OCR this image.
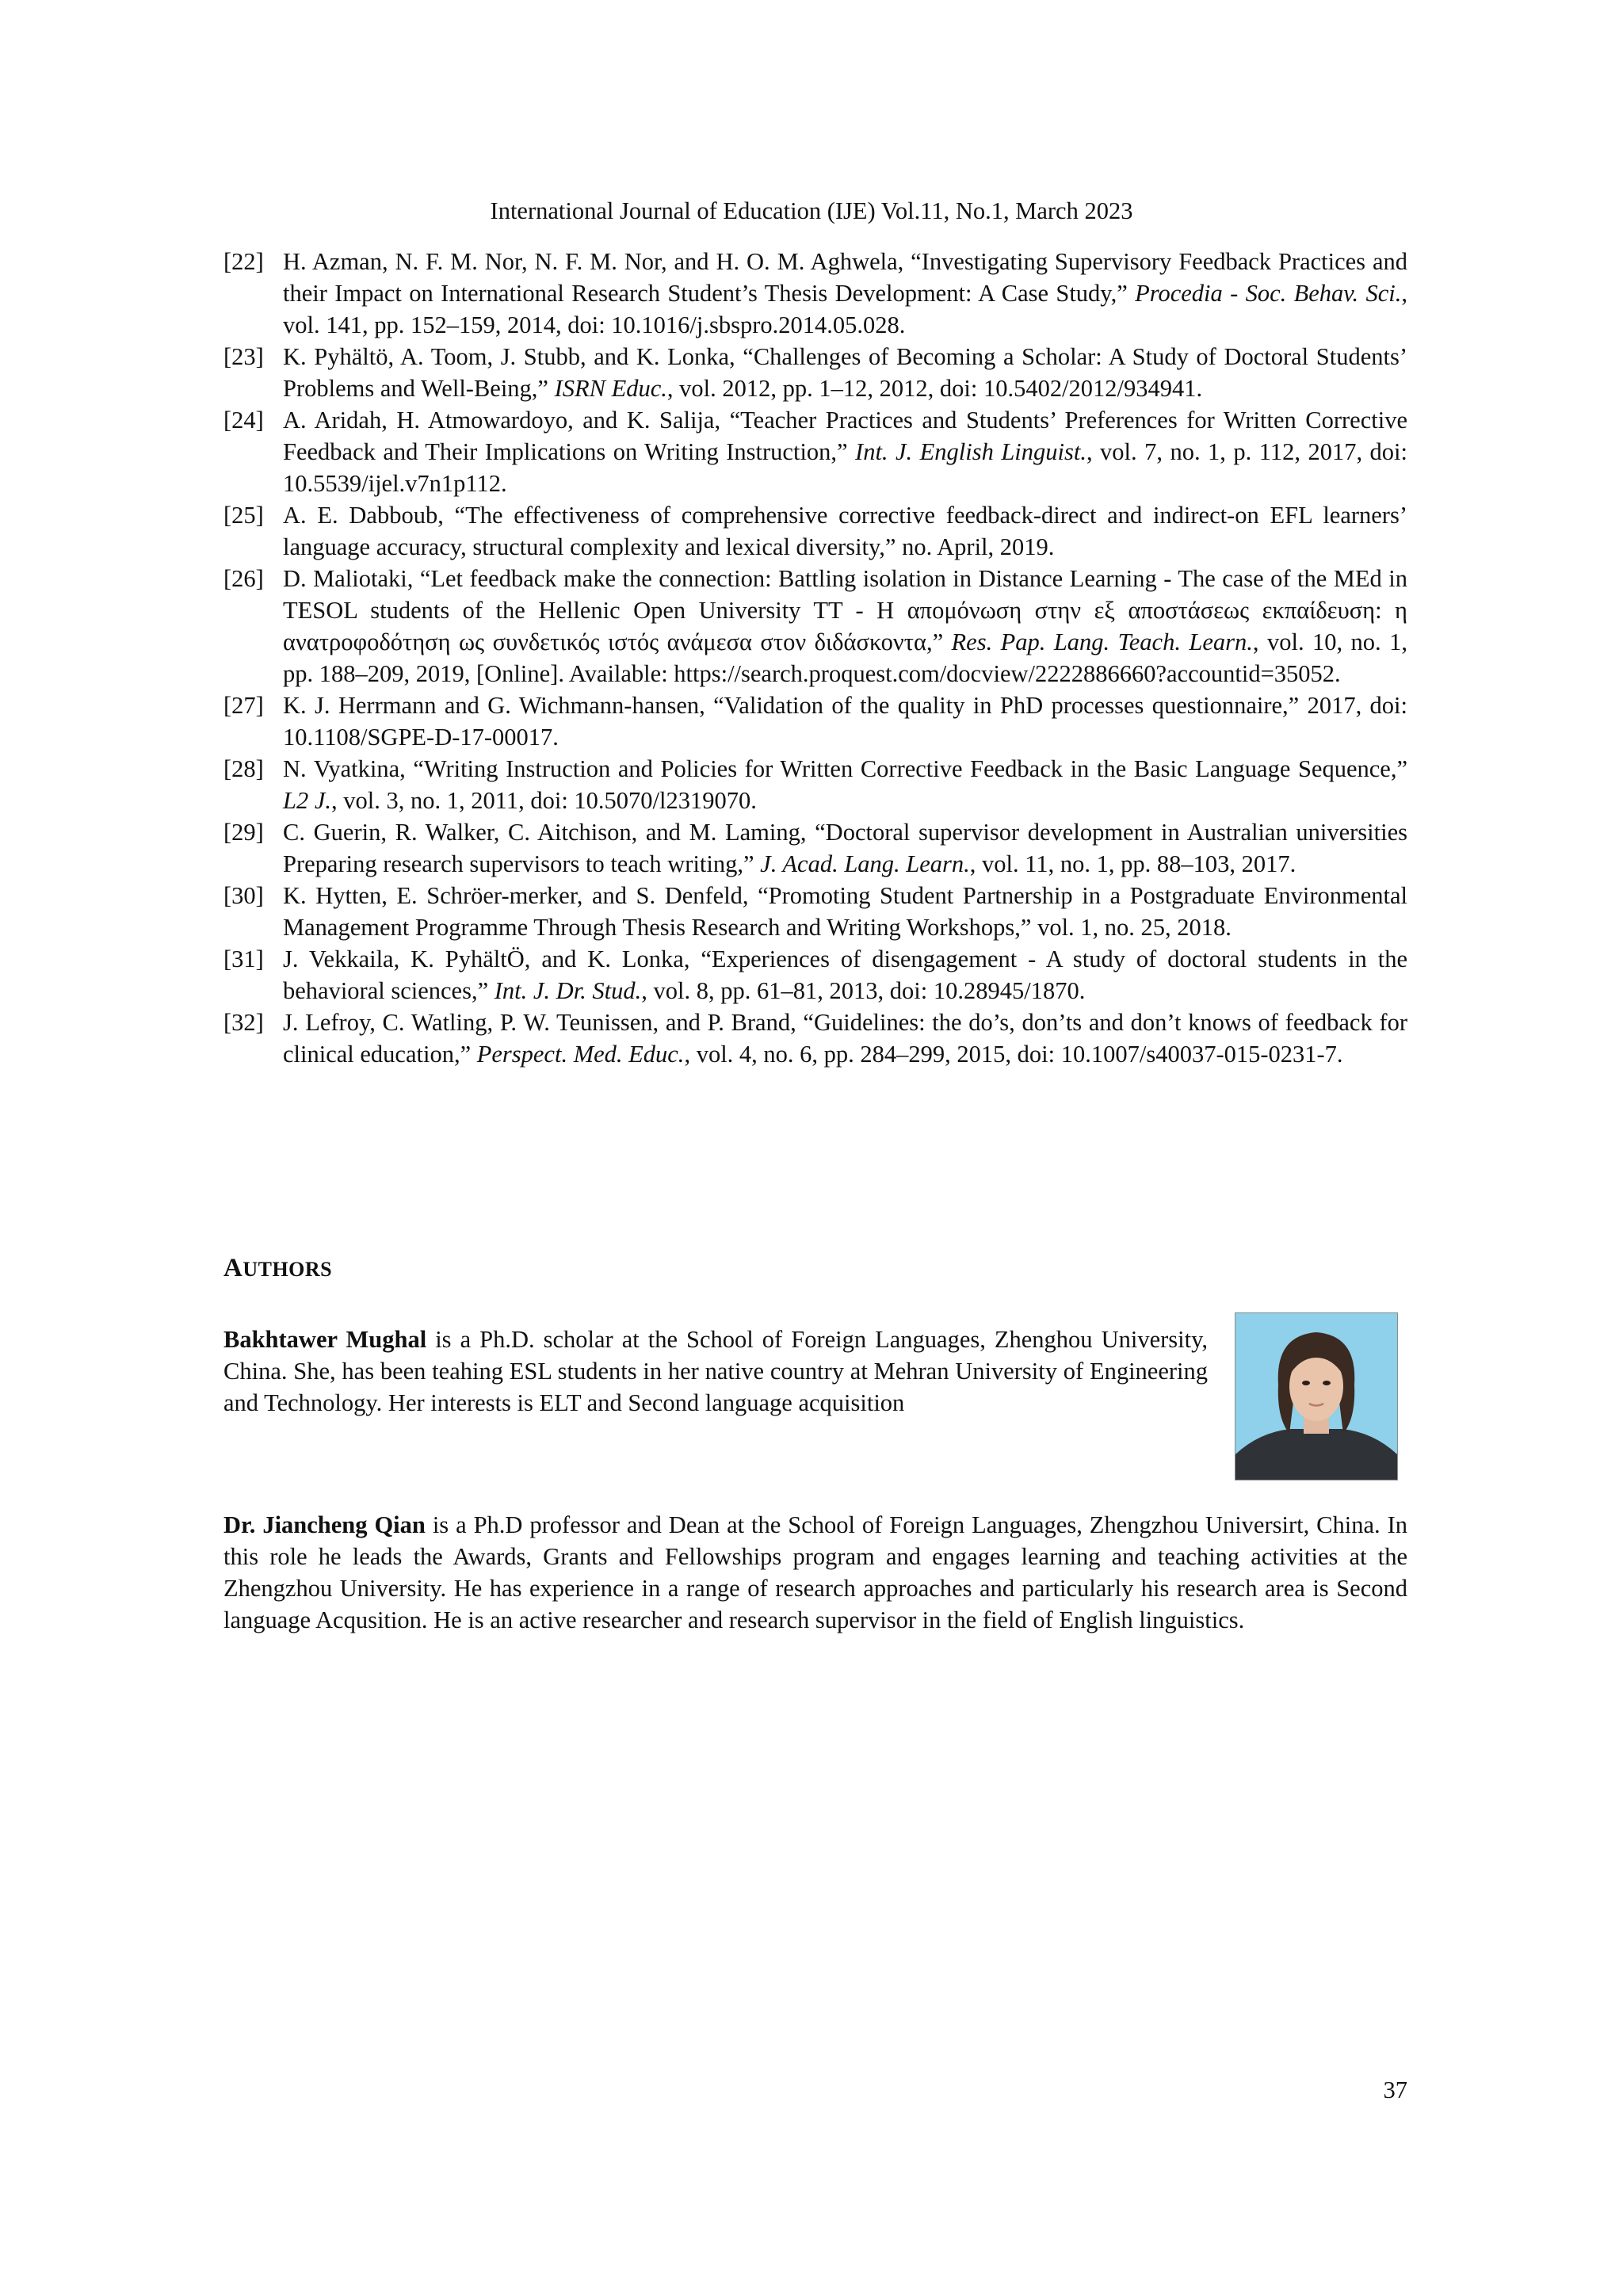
International Journal of Education (IJE) Vol.11, No.1, March 2023
[22] H. Azman, N. F. M. Nor, N. F. M. Nor, and H. O. M. Aghwela, “Investigating Supervisory Feedback Practices and their Impact on International Research Student’s Thesis Development: A Case Study,” Procedia - Soc. Behav. Sci., vol. 141, pp. 152–159, 2014, doi: 10.1016/j.sbspro.2014.05.028.
[23] K. Pyhältö, A. Toom, J. Stubb, and K. Lonka, “Challenges of Becoming a Scholar: A Study of Doctoral Students’ Problems and Well-Being,” ISRN Educ., vol. 2012, pp. 1–12, 2012, doi: 10.5402/2012/934941.
[24] A. Aridah, H. Atmowardoyo, and K. Salija, “Teacher Practices and Students’ Preferences for Written Corrective Feedback and Their Implications on Writing Instruction,” Int. J. English Linguist., vol. 7, no. 1, p. 112, 2017, doi: 10.5539/ijel.v7n1p112.
[25] A. E. Dabboub, “The effectiveness of comprehensive corrective feedback-direct and indirect-on EFL learners’ language accuracy, structural complexity and lexical diversity,” no. April, 2019.
[26] D. Maliotaki, “Let feedback make the connection: Battling isolation in Distance Learning - The case of the MEd in TESOL students of the Hellenic Open University TT - Η απομόνωση στην εξ αποστάσεως εκπαίδευση: η ανατροφοδότηση ως συνδετικός ιστός ανάμεσα στον διδάσκοντα,” Res. Pap. Lang. Teach. Learn., vol. 10, no. 1, pp. 188–209, 2019, [Online]. Available: https://search.proquest.com/docview/2222886660?accountid=35052.
[27] K. J. Herrmann and G. Wichmann-hansen, “Validation of the quality in PhD processes questionnaire,” 2017, doi: 10.1108/SGPE-D-17-00017.
[28] N. Vyatkina, “Writing Instruction and Policies for Written Corrective Feedback in the Basic Language Sequence,” L2 J., vol. 3, no. 1, 2011, doi: 10.5070/l2319070.
[29] C. Guerin, R. Walker, C. Aitchison, and M. Laming, “Doctoral supervisor development in Australian universities Preparing research supervisors to teach writing,” J. Acad. Lang. Learn., vol. 11, no. 1, pp. 88–103, 2017.
[30] K. Hytten, E. Schröer-merker, and S. Denfeld, “Promoting Student Partnership in a Postgraduate Environmental Management Programme Through Thesis Research and Writing Workshops,” vol. 1, no. 25, 2018.
[31] J. Vekkaila, K. PyhältÖ, and K. Lonka, “Experiences of disengagement - A study of doctoral students in the behavioral sciences,” Int. J. Dr. Stud., vol. 8, pp. 61–81, 2013, doi: 10.28945/1870.
[32] J. Lefroy, C. Watling, P. W. Teunissen, and P. Brand, “Guidelines: the do’s, don’ts and don’t knows of feedback for clinical education,” Perspect. Med. Educ., vol. 4, no. 6, pp. 284–299, 2015, doi: 10.1007/s40037-015-0231-7.
AUTHORS
Bakhtawer Mughal is a Ph.D. scholar at the School of Foreign Languages, Zhenghou University, China. She, has been teahing ESL students in her native country at Mehran University of Engineering and Technology. Her interests is ELT and Second language acquisition
Dr. Jiancheng Qian is a Ph.D professor and Dean at the School of Foreign Languages, Zhengzhou Universirt, China. In this role he leads the Awards, Grants and Fellowships program and engages learning and teaching activities at the Zhengzhou University. He has experience in a range of research approaches and particularly his research area is Second language Acqusition. He is an active researcher and research supervisor in the field of English linguistics.
37
